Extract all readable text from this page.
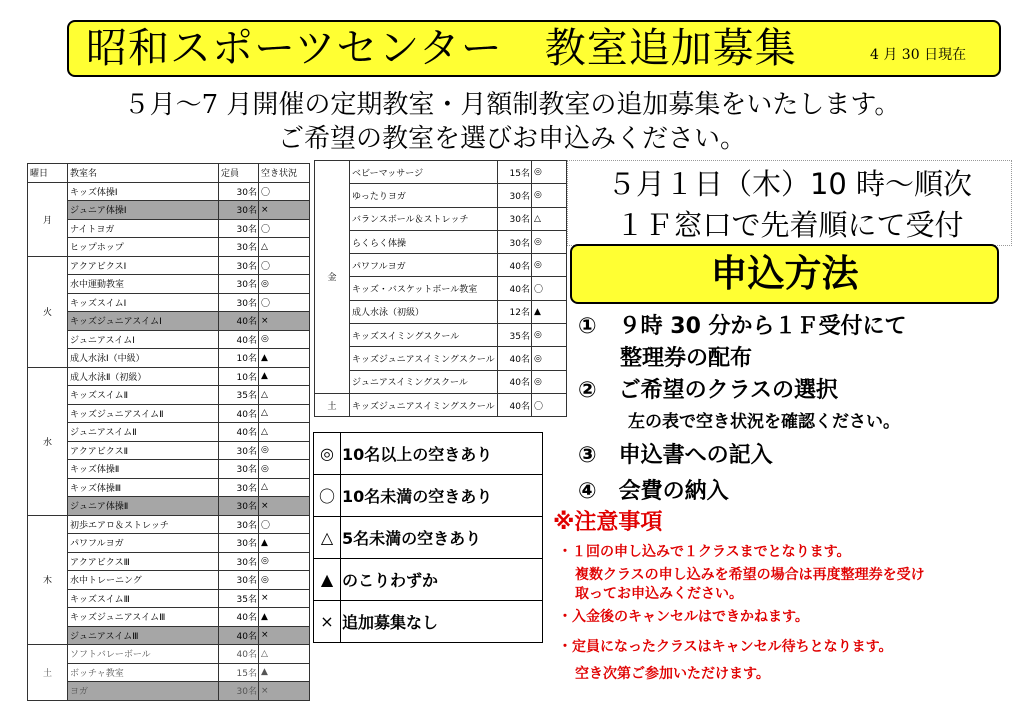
昭和スポーツセンター　教室追加募集	4 月 30 日現在
５月〜7 月開催の定期教室・月額制教室の追加募集をいたします。
ご希望の教室を選びお申込みください。
曜日	教室名	定員	空き状況
月	キッズ体操Ⅰ	30名	〇
	ジュニア体操Ⅰ	30名	×
	ナイトヨガ	30名	〇
	ヒップホップ	30名	△
火	アクアビクスⅠ	30名	〇
	水中運動教室	30名	◎
	キッズスイムⅠ	30名	〇
	キッズジュニアスイムⅠ	40名	×
	ジュニアスイムⅠ	40名	◎
	成人水泳Ⅰ（中級）	10名	▲
水	成人水泳Ⅱ（初級）	10名	▲
	キッズスイムⅡ	35名	△
	キッズジュニアスイムⅡ	40名	△
	ジュニアスイムⅡ	40名	△
	アクアビクスⅡ	30名	◎
	キッズ体操Ⅱ	30名	◎
	キッズ体操Ⅲ	30名	△
	ジュニア体操Ⅱ	30名	×
木	初歩エアロ＆ストレッチ	30名	〇
	パワフルヨガ	30名	▲
	アクアビクスⅢ	30名	◎
	水中トレーニング	30名	◎
	キッズスイムⅢ	35名	×
	キッズジュニアスイムⅢ	40名	▲
	ジュニアスイムⅢ	40名	×
土	ソフトバレーボール	40名	△
	ボッチャ教室	15名	▲
	ヨガ	30名	×
金	ベビーマッサージ	15名	◎
	ゆったりヨガ	30名	◎
	バランスボール＆ストレッチ	30名	△
	らくらく体操	30名	◎
	パワフルヨガ	40名	◎
	キッズ・バスケットボール教室	40名	〇
	成人水泳（初級）	12名	▲
	キッズスイミングスクール	35名	◎
	キッズジュニアスイミングスクール	40名	◎
	ジュニアスイミングスクール	40名	◎
土	キッズジュニアスイミングスクール	40名	〇
◎	10名以上の空きあり
〇	10名未満の空きあり
△	5名未満の空きあり
▲	のこりわずか
×	追加募集なし
５月１日（木）10 時〜順次
１Ｆ窓口で先着順にて受付
申込方法
①　９時 30 分から１Ｆ受付にて
整理券の配布
②　ご希望のクラスの選択
左の表で空き状況を確認ください。
③　申込書への記入
④　会費の納入
※注意事項
・１回の申し込みで１クラスまでとなります。
複数クラスの申し込みを希望の場合は再度整理券を受け
取ってお申込みください。
・入金後のキャンセルはできかねます。
・定員になったクラスはキャンセル待ちとなります。
空き次第ご参加いただけます。
